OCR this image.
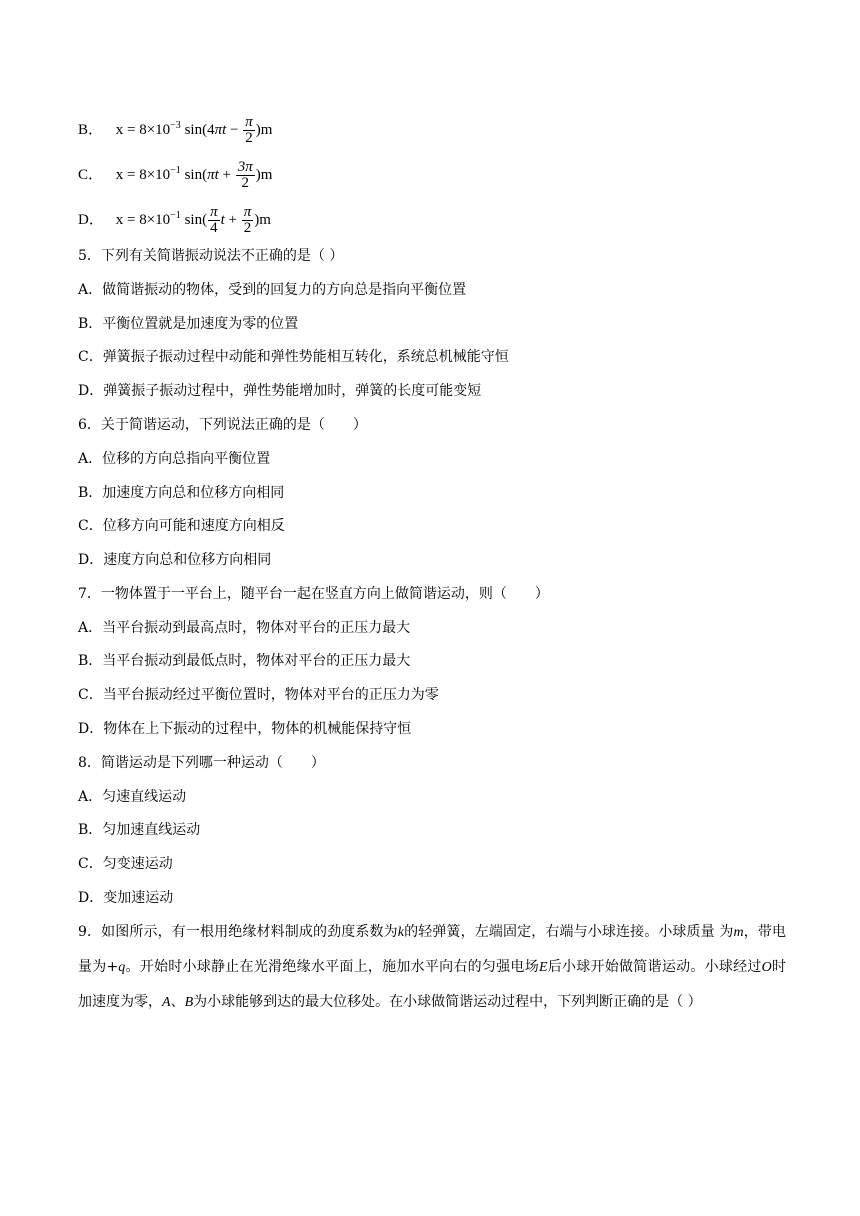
B． $x = 8\times 10^{-3}$ $\sin(4\pi t - \frac{\pi}{2} )m$
C． $x = 8\times 10^{-1}$ $\sin(\pi t + \frac{3\pi}{2} )m$
D． $x = 8\times 10^{-1}$ $\sin( \frac{\pi}{4}$ $t + \frac{\pi}{2} )m$
5．下列有关简谐振动说法不正确的是（ ）
A．做简谐振动的物体，受到的回复力的方向总是指向平衡位置
B．平衡位置就是加速度为零的位置
C．弹簧振子振动过程中动能和弹性势能相互转化，系统总机械能守恒
D．弹簧振子振动过程中，弹性势能增加时，弹簧的长度可能变短
6．关于简谐运动，下列说法正确的是（　　）
A．位移的方向总指向平衡位置
B．加速度方向总和位移方向相同
C．位移方向可能和速度方向相反
D．速度方向总和位移方向相同
7．一物体置于一平台上，随平台一起在竖直方向上做简谐运动，则（　　）
A．当平台振动到最高点时，物体对平台的正压力最大
B．当平台振动到最低点时，物体对平台的正压力最大
C．当平台振动经过平衡位置时，物体对平台的正压力为零
D．物体在上下振动的过程中，物体的机械能保持守恒
8．简谐运动是下列哪一种运动（　　）
A．匀速直线运动
B．匀加速直线运动
C．匀变速运动
D．变加速运动
9．如图所示，有一根用绝缘材料制成的劲度系数为k的轻弹簧，左端固定，右端与小球连接。小球质量 为m，带电量为+q。开始时小球静止在光滑绝缘水平面上，施加水平向右的匀强电场E后小球开始做简谐运动。小球经过O时加速度为零，A、B为小球能够到达的最大位移处。在小球做简谐运动过程中，下列判断正确的是（ ）
